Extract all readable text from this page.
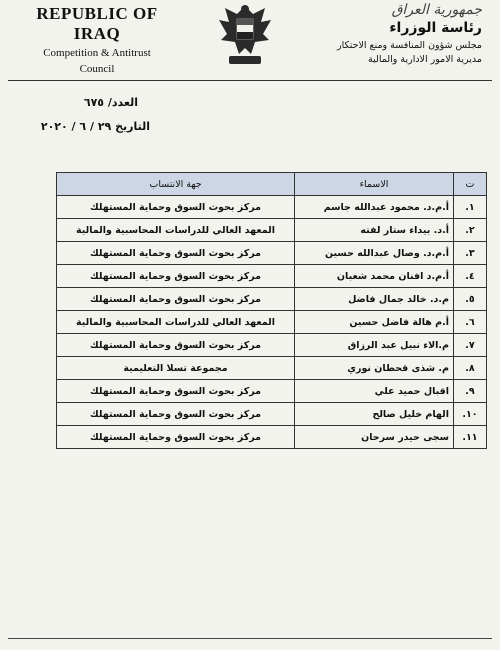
REPUBLIC OF IRAQ
Competition & Antitrust
Council
جمهورية العراق
رئاسة الوزراء
مجلس شؤون المنافسة ومنع الاحتكار
مديرية الامور الادارية والمالية
العدد/ ٦٧٥
التاريخ ٢٩ / ٦ / ٢٠٢٠
ت	الاسماء	جهة الانتساب
١.	أ.م.د. محمود عبدالله جاسم	مركز بحوث السوق وحماية المستهلك
٢.	أ.د. بيداء ستار لفته	المعهد العالي للدراسات المحاسبية والمالية
٣.	أ.م.د. وصال عبدالله حسين	مركز بحوث السوق وحماية المستهلك
٤.	أ.م.د افنان محمد شعبان	مركز بحوث السوق وحماية المستهلك
٥.	م.د. خالد جمال فاضل	مركز بحوث السوق وحماية المستهلك
٦.	أ.م هالة فاضل حسين	المعهد العالي للدراسات المحاسبية والمالية
٧.	م.الاء نبيل عبد الرزاق	مركز بحوث السوق وحماية المستهلك
٨.	م. شذى قحطان نوري	مجموعة تسلا التعليمية
٩.	اقبال حميد علي	مركز بحوث السوق وحماية المستهلك
١٠.	الهام خليل صالح	مركز بحوث السوق وحماية المستهلك
١١.	سجى حيدر سرحان	مركز بحوث السوق وحماية المستهلك
